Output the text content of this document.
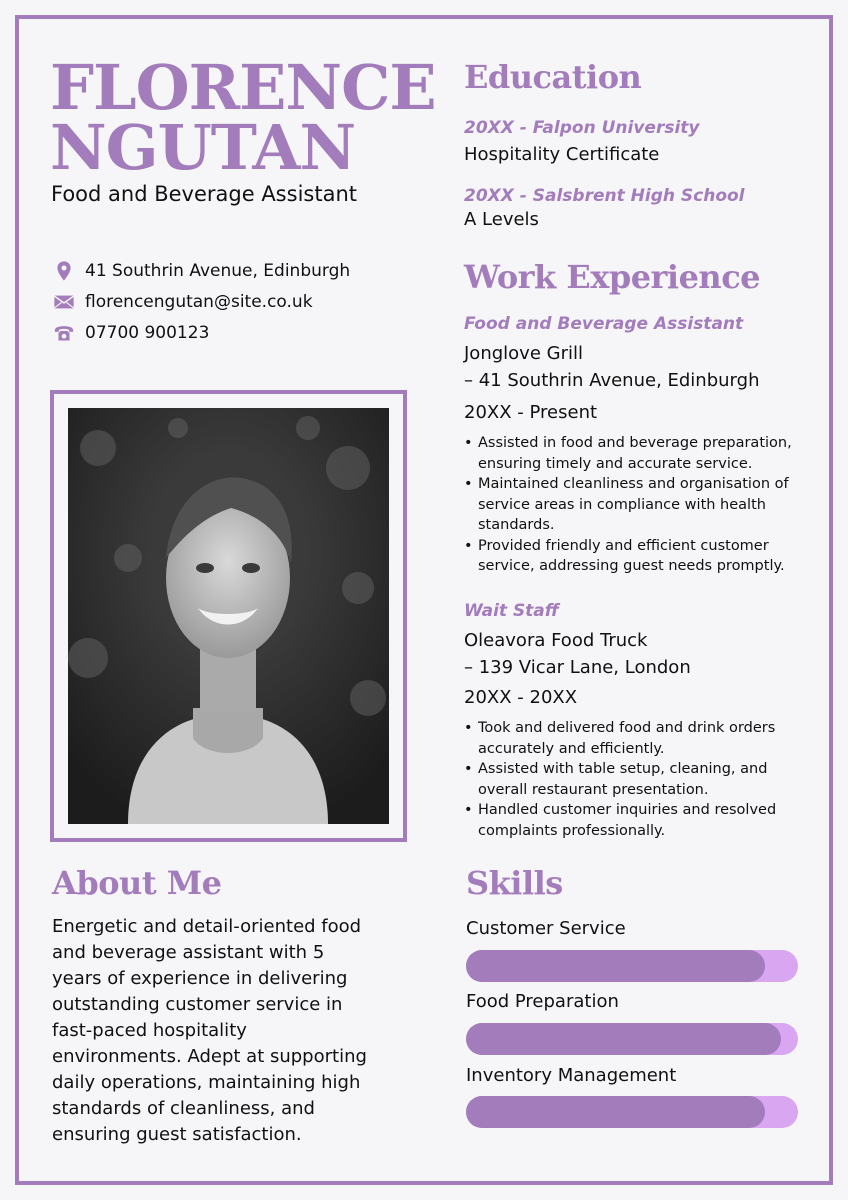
FLORENCE
NGUTAN
Food and Beverage Assistant
41 Southrin Avenue, Edinburgh
florencengutan@site.co.uk
07700 900123
About Me

Energetic and detail-oriented food and beverage assistant with 5 years of experience in delivering outstanding customer service in fast-paced hospitality environments. Adept at supporting daily operations, maintaining high standards of cleanliness, and ensuring guest satisfaction.

Education
20XX - Falpon University
Hospitality Certificate
20XX - Salsbrent High School
A Levels
Work Experience
Food and Beverage Assistant
Jonglove Grill
– 41 Southrin Avenue, Edinburgh
20XX - Present
• Assisted in food and beverage preparation, ensuring timely and accurate service.
• Maintained cleanliness and organisation of service areas in compliance with health standards.
• Provided friendly and efficient customer service, addressing guest needs promptly.
Wait Staff
Oleavora Food Truck
– 139 Vicar Lane, London
20XX - 20XX
• Took and delivered food and drink orders accurately and efficiently.
• Assisted with table setup, cleaning, and overall restaurant presentation.
• Handled customer inquiries and resolved complaints professionally.
Skills
Customer Service
Food Preparation
Inventory Management
